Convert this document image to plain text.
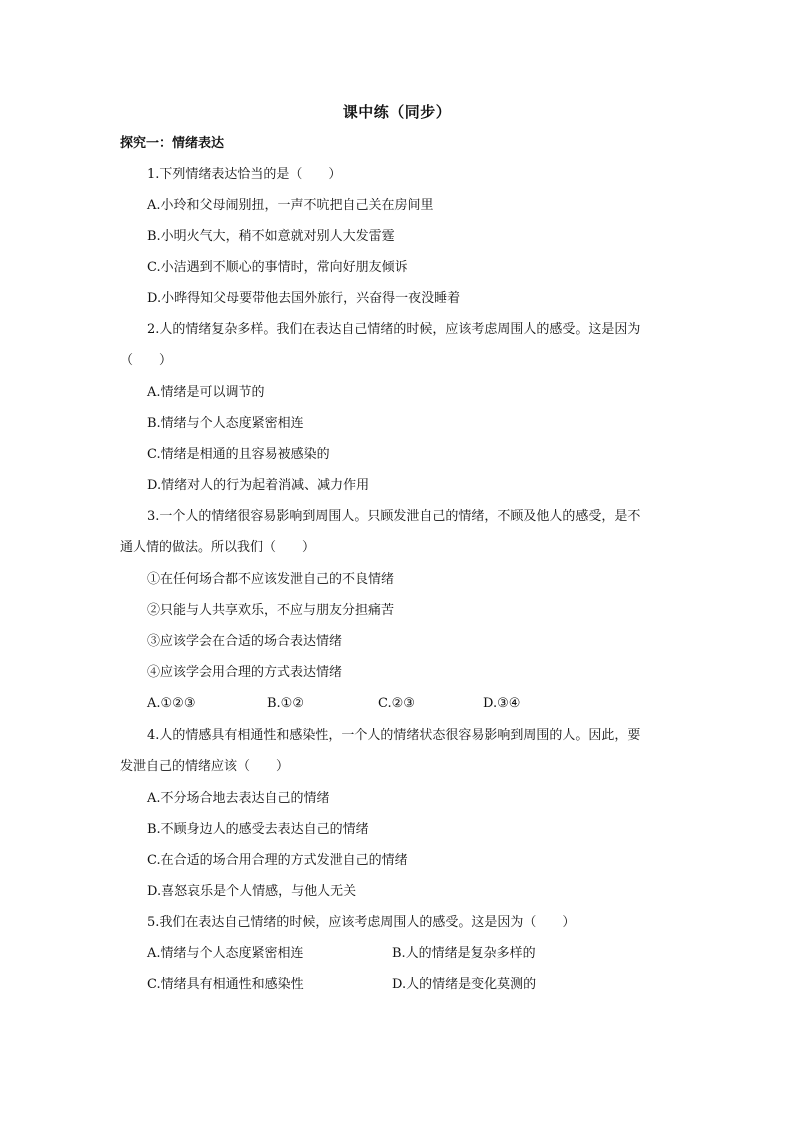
课中练（同步）
探究一：情绪表达
1.下列情绪表达恰当的是（　　）
A.小玲和父母闹别扭，一声不吭把自己关在房间里
B.小明火气大，稍不如意就对别人大发雷霆
C.小洁遇到不顺心的事情时，常向好朋友倾诉
D.小晔得知父母要带他去国外旅行，兴奋得一夜没睡着
2.人的情绪复杂多样。我们在表达自己情绪的时候，应该考虑周围人的感受。这是因为
（　　）
A.情绪是可以调节的
B.情绪与个人态度紧密相连
C.情绪是相通的且容易被感染的
D.情绪对人的行为起着消减、减力作用
3.一个人的情绪很容易影响到周围人。只顾发泄自己的情绪，不顾及他人的感受，是不
通人情的做法。所以我们（　　）
①在任何场合都不应该发泄自己的不良情绪
②只能与人共享欢乐，不应与朋友分担痛苦
③应该学会在合适的场合表达情绪
④应该学会用合理的方式表达情绪
A.①②③	B.①②	C.②③	D.③④
4.人的情感具有相通性和感染性，一个人的情绪状态很容易影响到周围的人。因此，要
发泄自己的情绪应该（　　）
A.不分场合地去表达自己的情绪
B.不顾身边人的感受去表达自己的情绪
C.在合适的场合用合理的方式发泄自己的情绪
D.喜怒哀乐是个人情感，与他人无关
5.我们在表达自己情绪的时候，应该考虑周围人的感受。这是因为（　　）
A.情绪与个人态度紧密相连	B.人的情绪是复杂多样的
C.情绪具有相通性和感染性	D.人的情绪是变化莫测的
